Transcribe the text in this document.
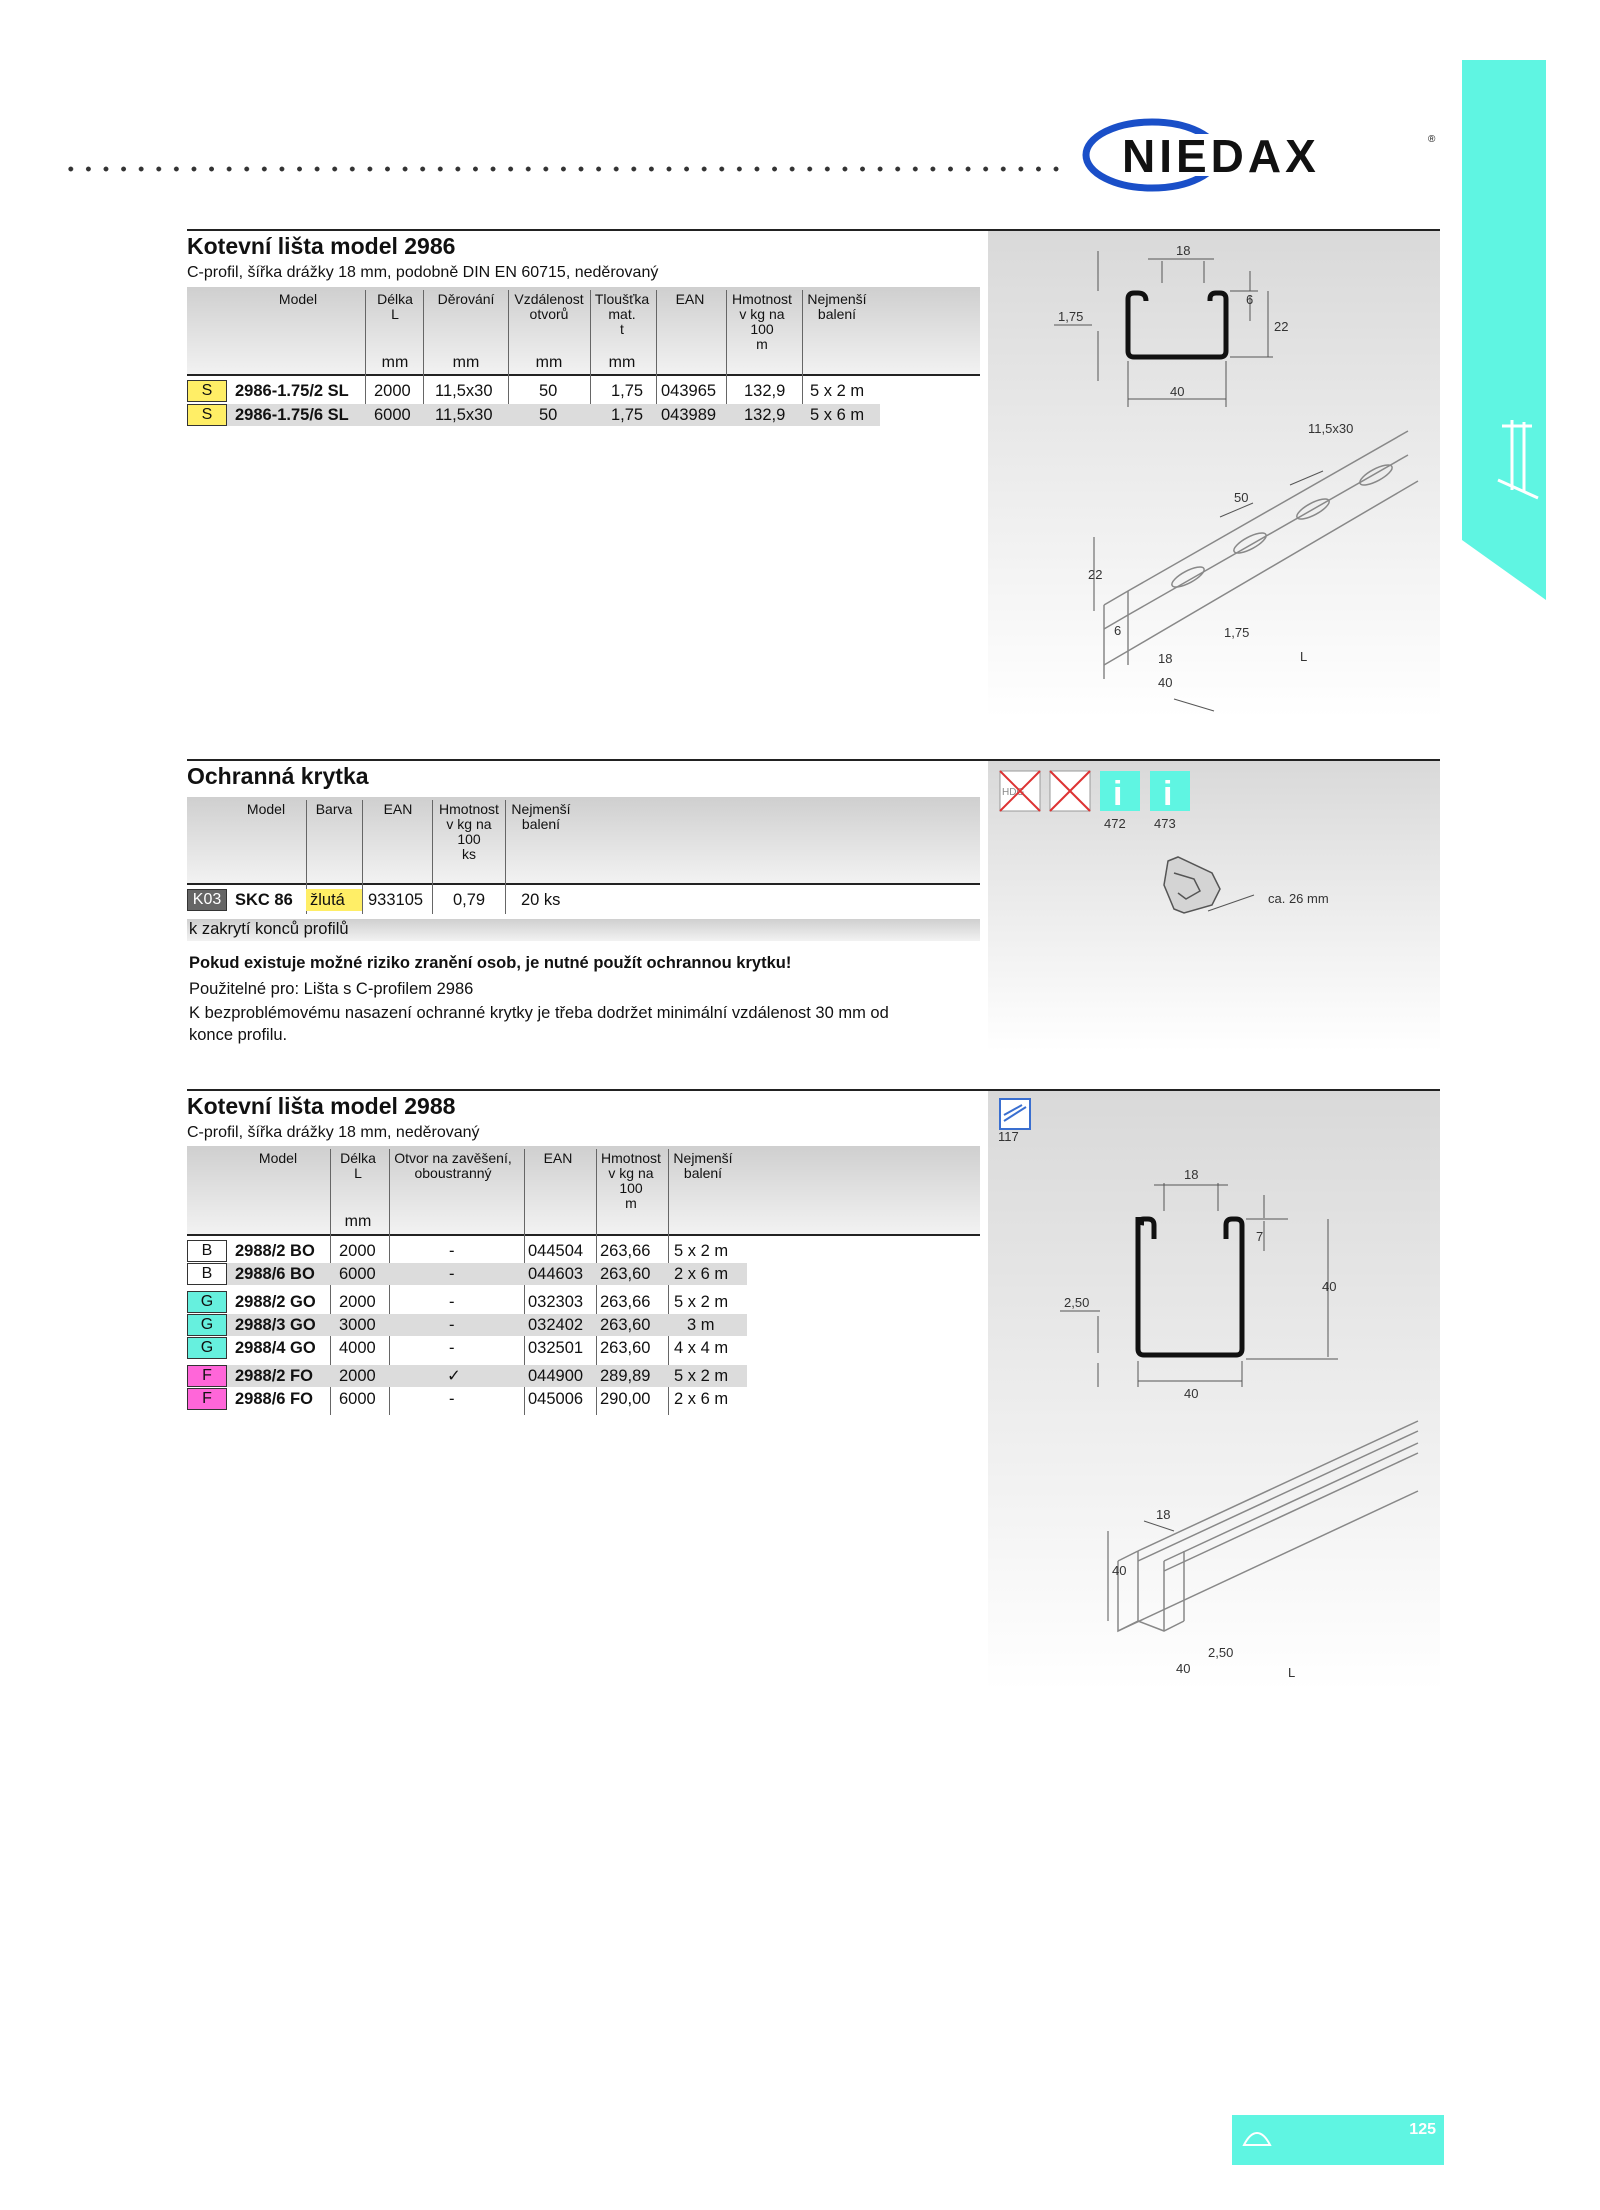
NIEDAX	®
Kotevní lišta model 2986
C-profil, šířka drážky 18 mm, podobně DIN EN 60715, neděrovaný
Model	Délka
L
Děrování	Vzdálenost
otvorů
Tloušťka
mat.
t
EAN	Hmotnost
v kg na
100
m
Nejmenší
balení
mm	mm	mm	mm
S	2986-1.75/2 SL 2000 11,5x30	50	1,75 043965 132,9 5 x 2 m
S	2986-1.75/6 SL 6000 11,5x30	50	1,75 043989 132,9 5 x 6 m
18
1,75
6
22
40
11,5x30
50
22
6	1,75
18
40
L
Ochranná krytka
Model	Barva	EAN	Hmotnost
v kg na
100
ks
Nejmenší
balení
K03 SKC 86 žlutá	933105 0,79 20 ks
k zakrytí konců profilů
Pokud existuje možné riziko zranění osob, je nutné použít ochrannou krytku!
Použitelné pro: Lišta s C-profilem 2986
K bezproblémovému nasazení ochranné krytky je třeba dodržet minimální vzdálenost 30 mm od
konce profilu.
HDG	i i
472 473
ca. 26 mm
Kotevní lišta model 2988
C-profil, šířka drážky 18 mm, neděrovaný
Model	Délka
L
Otvor na zavěšení,
oboustranný
EAN	Hmotnost
v kg na
100
m
Nejmenší
balení
mm
B	2988/2 BO 2000	-	044504 263,66 5 x 2 m
B	2988/6 BO 6000	-	044603 263,60 2 x 6 m
G	2988/2 GO 2000	-	032303 263,66 5 x 2 m
G	2988/3 GO 3000	-	032402 263,60 3 m
G	2988/4 GO 4000	-	032501 263,60 4 x 4 m
F	2988/2 FO 2000	✓	044900 289,89 5 x 2 m
F	2988/6 FO 6000	-	045006 290,00 2 x 6 m
117
18
7
40
2,50
40
18
40
2,50
40	L
125
